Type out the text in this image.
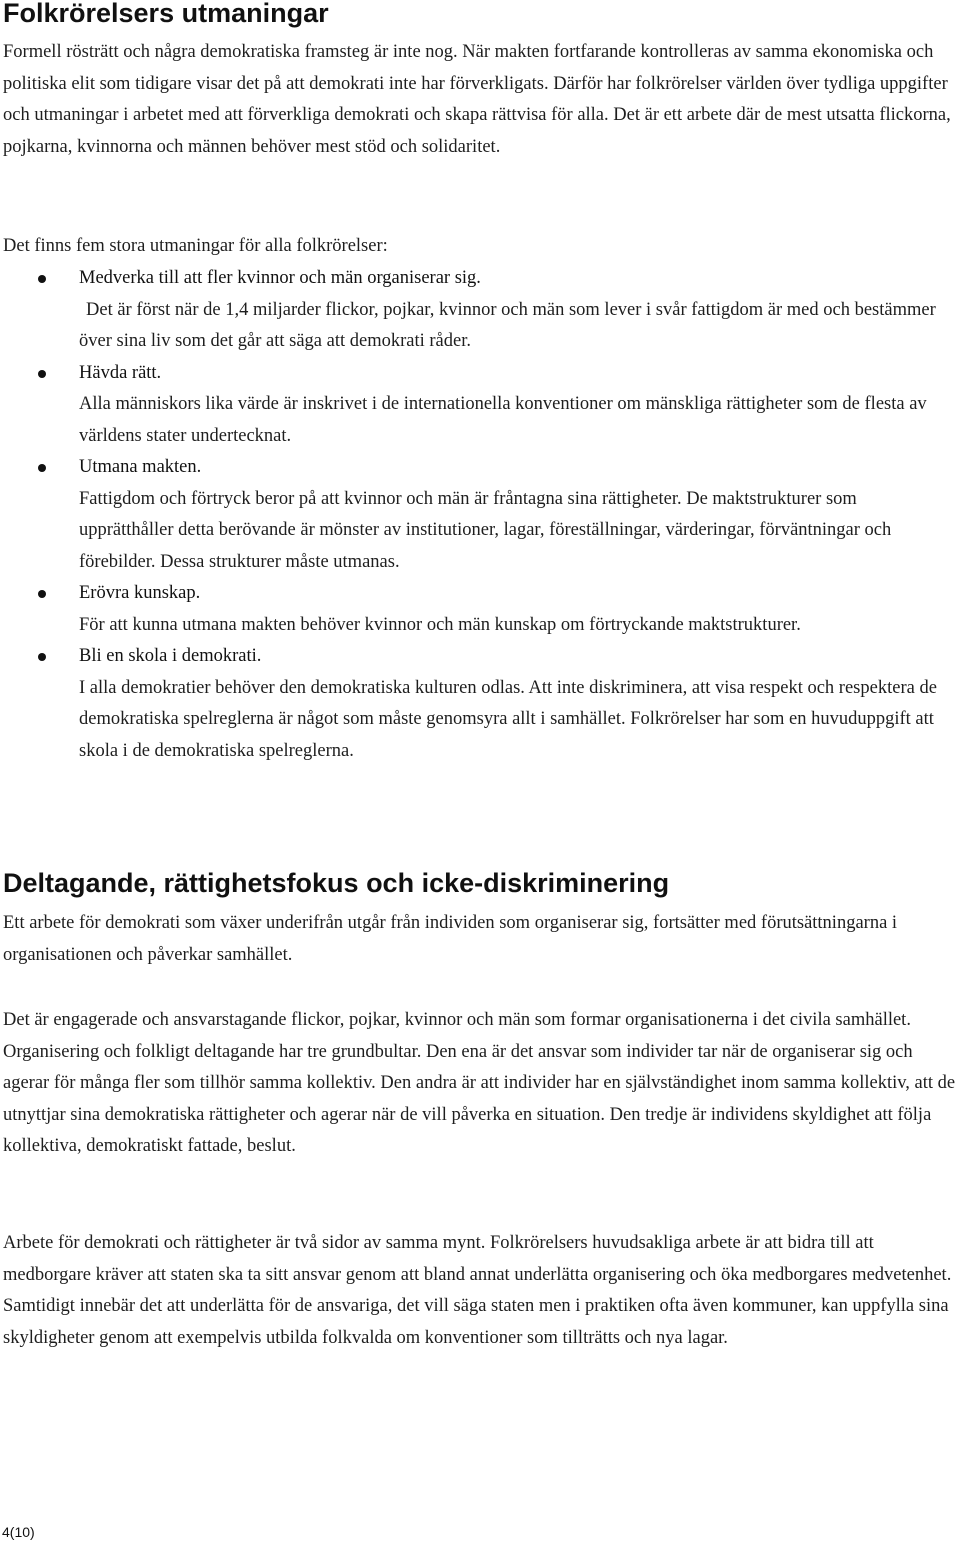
Folkrörelsers utmaningar

Formell rösträtt och några demokratiska framsteg är inte nog. När makten fortfarande kontrolleras av samma ekonomiska och politiska elit som tidigare visar det på att demokrati inte har förverkligats. Därför har folkrörelser världen över tydliga uppgifter och utmaningar i arbetet med att förverkliga demokrati och skapa rättvisa för alla. Det är ett arbete där de mest utsatta flickorna, pojkarna, kvinnorna och männen behöver mest stöd och solidaritet.

Det finns fem stora utmaningar för alla folkrörelser:

Medverka till att fler kvinnor och män organiserar sig.
Det är först när de 1,4 miljarder flickor, pojkar, kvinnor och män som lever i svår fattigdom är med och bestämmer över sina liv som det går att säga att demokrati råder.
Hävda rätt.
Alla människors lika värde är inskrivet i de internationella konventioner om mänskliga rättigheter som de flesta av världens stater undertecknat.
Utmana makten.
Fattigdom och förtryck beror på att kvinnor och män är fråntagna sina rättigheter. De maktstrukturer som upprätthåller detta berövande är mönster av institutioner, lagar, föreställningar, värderingar, förväntningar och förebilder. Dessa strukturer måste utmanas.
Erövra kunskap.
För att kunna utmana makten behöver kvinnor och män kunskap om förtryckande maktstrukturer.
Bli en skola i demokrati.
I alla demokratier behöver den demokratiska kulturen odlas. Att inte diskriminera, att visa respekt och respektera de demokratiska spelreglerna är något som måste genomsyra allt i samhället. Folkrörelser har som en huvuduppgift att skola i de demokratiska spelreglerna.
Deltagande, rättighetsfokus och icke-diskriminering

Ett arbete för demokrati som växer underifrån utgår från individen som organiserar sig, fortsätter med förutsättningarna i organisationen och påverkar samhället.

Det är engagerade och ansvarstagande flickor, pojkar, kvinnor och män som formar organisationerna i det civila samhället. Organisering och folkligt deltagande har tre grundbultar. Den ena är det ansvar som individer tar när de organiserar sig och agerar för många fler som tillhör samma kollektiv. Den andra är att individer har en självständighet inom samma kollektiv, att de utnyttjar sina demokratiska rättigheter och agerar när de vill påverka en situation. Den tredje är individens skyldighet att följa kollektiva, demokratiskt fattade, beslut.

Arbete för demokrati och rättigheter är två sidor av samma mynt. Folkrörelsers huvudsakliga arbete är att bidra till att medborgare kräver att staten ska ta sitt ansvar genom att bland annat underlätta organisering och öka medborgares medvetenhet. Samtidigt innebär det att underlätta för de ansvariga, det vill säga staten men i praktiken ofta även kommuner, kan uppfylla sina skyldigheter genom att exempelvis utbilda folkvalda om konventioner som tillträtts och nya lagar.

4(10)
